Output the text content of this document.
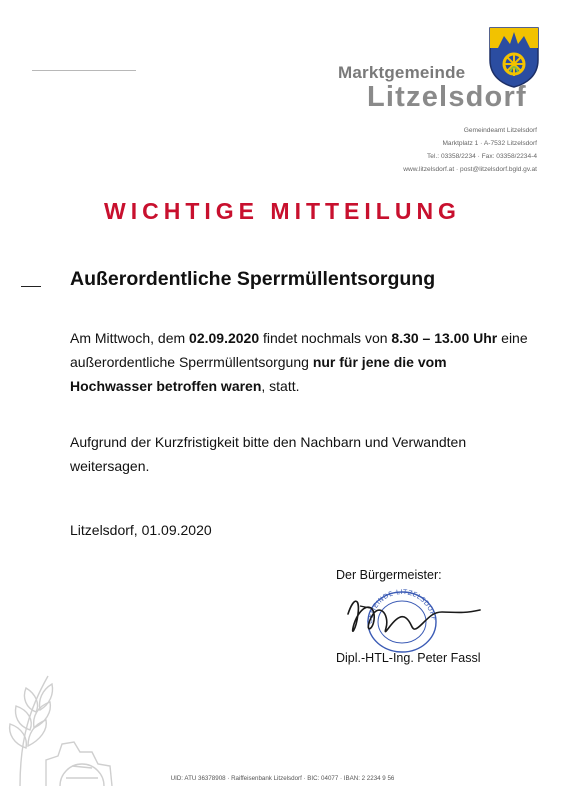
Marktgemeinde
Litzelsdorf
Gemeindeamt Litzelsdorf
Marktplatz 1 · A-7532 Litzelsdorf
Tel.: 03358/2234 · Fax: 03358/2234-4
www.litzelsdorf.at · post@litzelsdorf.bgld.gv.at
WICHTIGE MITTEILUNG
Außerordentliche Sperrmüllentsorgung
Am Mittwoch, dem 02.09.2020 findet nochmals von 8.30 – 13.00 Uhr eine außerordentliche Sperrmüllentsorgung nur für jene die vom Hochwasser betroffen waren, statt.
Aufgrund der Kurzfristigkeit bitte den Nachbarn und Verwandten weitersagen.
Litzelsdorf, 01.09.2020
Der Bürgermeister:
GEMEINDE LITZELSDORF
Dipl.-HTL-Ing. Peter Fassl
UID: ATU 36378908 · Raiffeisenbank Litzelsdorf · BIC: 04077 · IBAN: 2 2234 9 56
